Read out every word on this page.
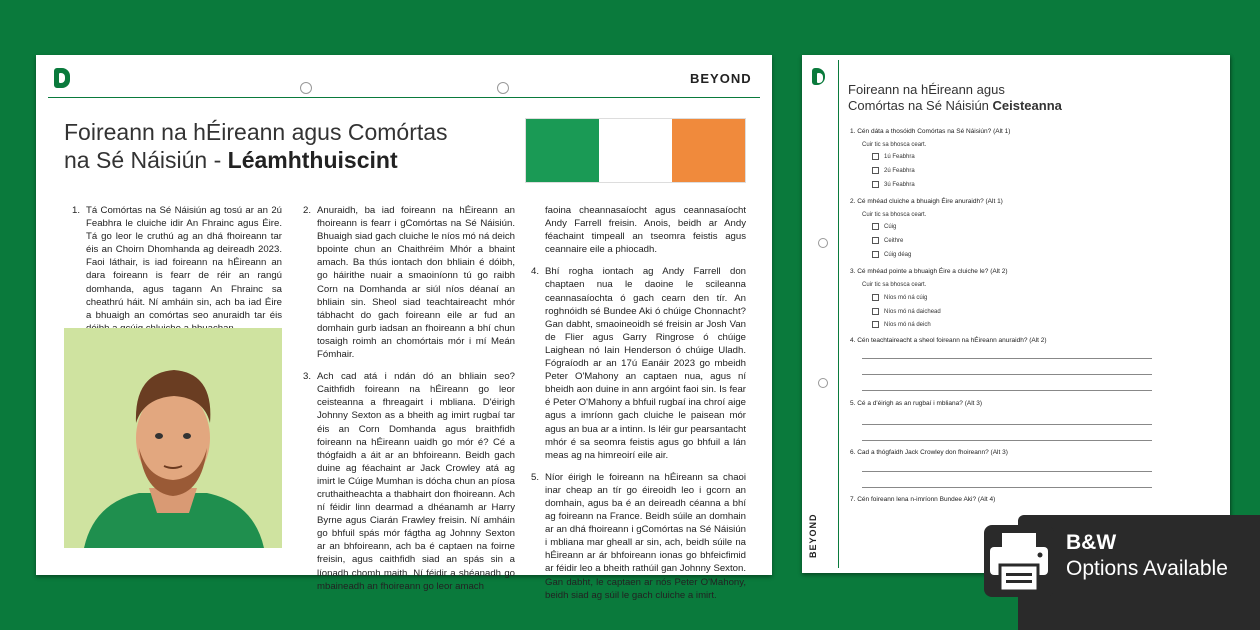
BEYOND
Foireann na hÉireann agus Comórtas
na Sé Náisiún - Léamhthuiscint
1. Tá Comórtas na Sé Náisiún ag tosú ar an 2ú Feabhra le cluiche idir An Fhrainc agus Éire. Tá go leor le cruthú ag an dhá fhoireann tar éis an Choirn Dhomhanda ag deireadh 2023. Faoi láthair, is iad foireann na hÉireann an dara foireann is fearr de réir an rangú domhanda, agus tagann An Fhrainc sa cheathrú háit. Ní amháin sin, ach ba iad Éire a bhuaigh an comórtas seo anuraidh tar éis
2. Anuraidh, ba iad foireann na hÉireann an fhoireann is fearr i gComórtas na Sé Náisiún. Bhuaigh siad gach cluiche le níos mó ná deich bpointe chun an Chaithréim Mhór a bhaint amach. Ba thús iontach don bhliain é dóibh, go háirithe nuair a smaoiníonn tú go raibh Corn na Domhanda ar siúl níos déanaí an bhliain sin. Sheol siad teachtaireacht mhór tábhacht do gach foireann eile ar fud an domhain gurb iadsan an fhoireann a bhí chun tosaigh roimh an chomórtais mór i mí Meán Fómhair.
3. Ach cad atá i ndán dó an bhliain seo? Caithfidh foireann na hÉireann go leor ceisteanna a fhreagairt i mbliana. D'éirigh Johnny Sexton as a bheith ag imirt rugbaí tar éis an Corn Domhanda agus braithfidh foireann na hÉireann uaidh go mór é? Cé a thógfaidh a áit ar an bhfoireann. Beidh gach duine ag féachaint ar Jack Crowley atá ag imirt le Cúige Mumhan is dócha chun an píosa cruthaitheachta a thabhairt don fhoireann. Ach ní féidir linn dearmad a dhéanamh ar Harry Byrne agus Ciarán Frawley freisin. Ní amháin go bhfuil spás mór fágtha ag Johnny Sexton ar an bhfoireann, ach ba é captaen na foirne freisin, agus caithfidh siad an spás sin a líonadh chomh maith. Ní féidir a shéanadh go mbaineadh an fhoireann go leor amach
faoina cheannasaíocht agus ceannasaíocht Andy Farrell freisin. Anois, beidh ar Andy féachaint timpeall an tseomra feistis agus ceannaire eile a phiocadh.
4. Bhí rogha iontach ag Andy Farrell don chaptaen nua le daoine le scileanna ceannasaíochta ó gach cearn den tír. An roghnóidh sé Bundee Aki ó chúige Chonnacht? Gan dabht, smaoineoidh sé freisin ar Josh Van de Flier agus Garry Ringrose ó chúige Laighean nó Iain Henderson ó chúige Uladh. Fógraíodh ar an 17ú Eanáir 2023 go mbeidh Peter O'Mahony an captaen nua, agus ní bheidh aon duine in ann argóint faoi sin. Is fear é Peter O'Mahony a bhfuil rugbaí ina chroí aige agus a imríonn gach cluiche le paisean mór agus an bua ar a intinn. Is léir gur pearsantacht mhór é sa seomra feistis agus go bhfuil a lán meas ag na himreoirí eile air.
5. Níor éirigh le foireann na hÉireann sa chaoi inar cheap an tír go éireoidh leo i gcorn an domhain, agus ba é an deireadh céanna a bhí ag foireann na France. Beidh súile an domhain ar an dhá fhoireann i gComórtas na Sé Náisiún i mbliana mar gheall ar sin, ach, beidh súile na hÉireann ar ár bhfoireann ionas go bhfeicfimid ar féidir leo a bheith rathúil gan Johnny Sexton. Gan dabht, le captaen ar nós Peter O'Mahony, beidh siad ag súil le gach cluiche a imirt.
BEYOND
Foireann na hÉireann agus
Comórtas na Sé Náisiún Ceisteanna
1. Cén dáta a thosóidh Comórtas na Sé Náisiún? (Alt 1)
Cuir tic sa bhosca ceart.
1ú Feabhra
2ú Feabhra
3ú Feabhra
2. Cé mhéad cluiche a bhuaigh Éire anuraidh? (Alt 1)
Cuir tic sa bhosca ceart.
Cúig
Ceithre
Cúig déag
3. Cé mhéad pointe a bhuaigh Éire a cluiche le? (Alt 2)
Cuir tic sa bhosca ceart.
Níos mó ná cúig
Níos mó ná daichead
Níos mó ná deich
4. Cén teachtaireacht a sheol foireann na hÉireann anuraidh? (Alt 2)
5. Cé a d'éirigh as an rugbaí i mbliana? (Alt 3)
6. Cad a thógfaidh Jack Crowley don fhoireann? (Alt 3)
7. Cén foireann lena n-imríonn Bundee Aki? (Alt 4)
B&W
Options Available
